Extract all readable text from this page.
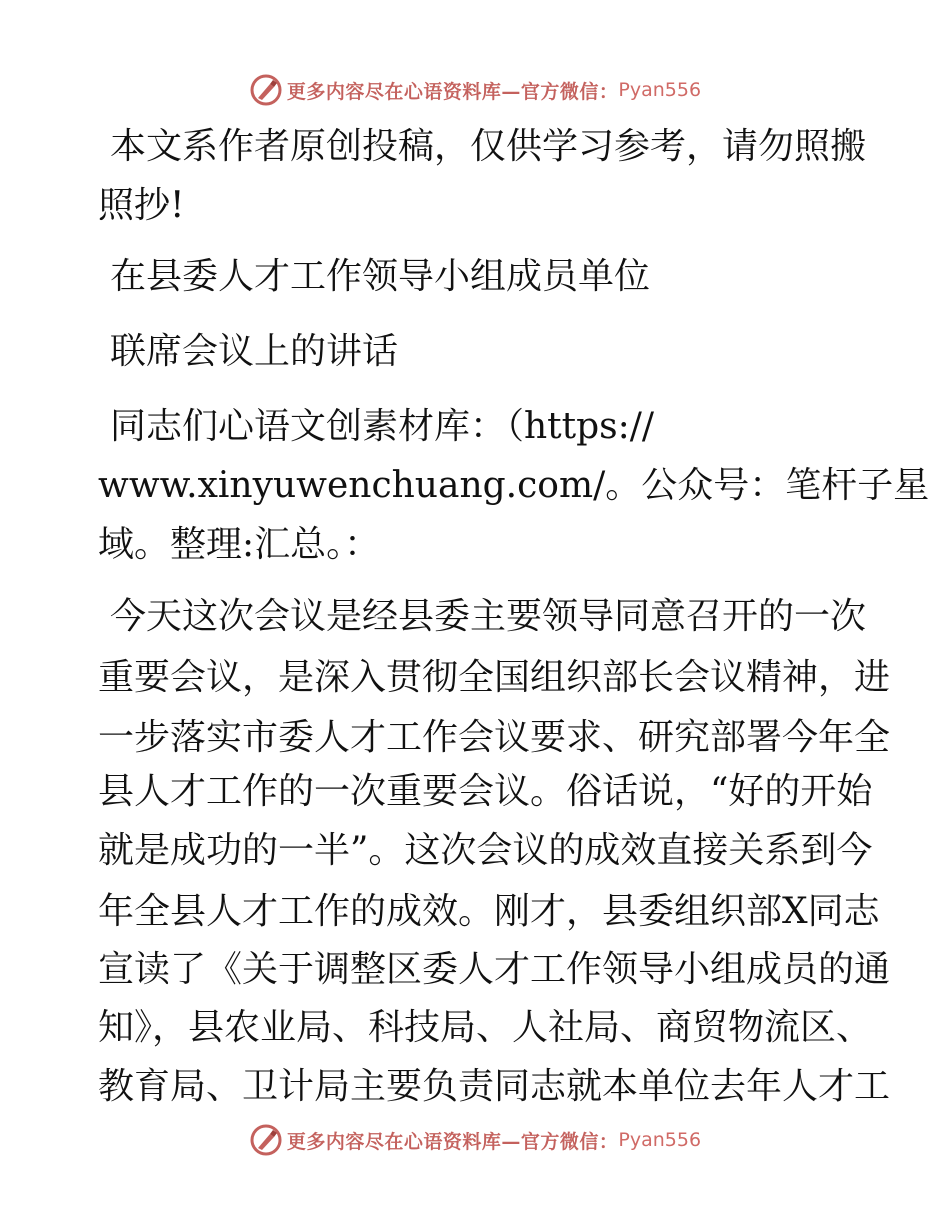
更多内容尽在心语资料库—官方微信： Pyan556
本文系作者原创投稿，仅供学习参考，请勿照搬
照抄!
在县委人才工作领导小组成员单位
联席会议上的讲话
同志们心语文创素材库：（https://
www.xinyuwenchuang.com/。公众号：笔杆子星
域。整理:汇总。：
今天这次会议是经县委主要领导同意召开的一次
重要会议，是深入贯彻全国组织部长会议精神，进
一步落实市委人才工作会议要求、研究部署今年全
县人才工作的一次重要会议。俗话说，“好的开始
就是成功的一半”。这次会议的成效直接关系到今
年全县人才工作的成效。刚才，县委组织部X同志
宣读了《关于调整区委人才工作领导小组成员的通
知》，县农业局、科技局、人社局、商贸物流区、
教育局、卫计局主要负责同志就本单位去年人才工
更多内容尽在心语资料库—官方微信： Pyan556
